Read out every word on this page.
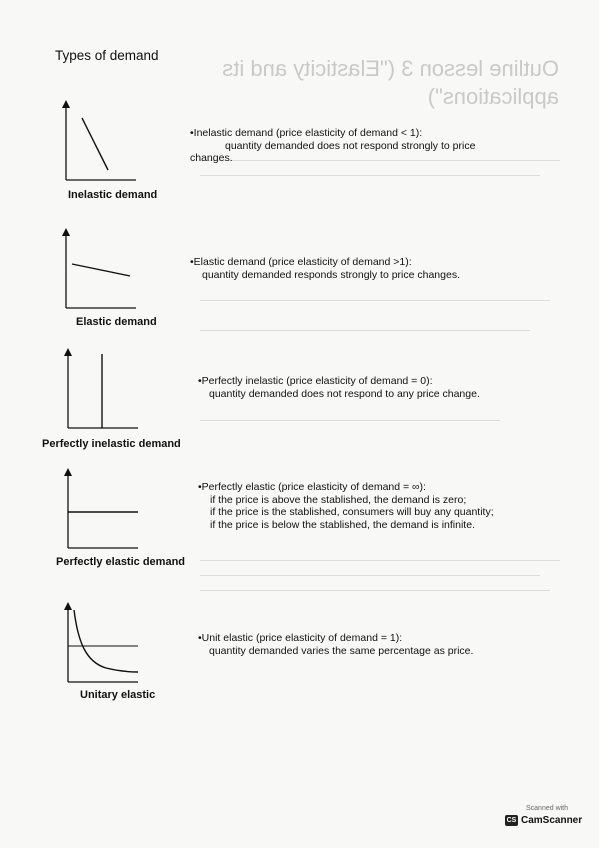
Outline lesson 3 ("Elasticity and its
applications")
Types of demand
Inelastic demand
•Inelastic demand (price elasticity of demand < 1):
quantity demanded does not respond strongly to price
changes.
Elastic demand
•Elastic demand (price elasticity of demand >1):
quantity demanded responds strongly to price changes.
Perfectly inelastic demand
•Perfectly inelastic (price elasticity of demand = 0):
quantity demanded does not respond to any price change.
Perfectly elastic demand
•Perfectly elastic (price elasticity of demand = ∞):
if the price is above the stablished, the demand is zero;
if the price is the stablished, consumers will buy any quantity;
if the price is below the stablished, the demand is infinite.
Unitary elastic
•Unit elastic (price elasticity of demand = 1):
quantity demanded varies the same percentage as price.
Scanned with
CS CamScanner
